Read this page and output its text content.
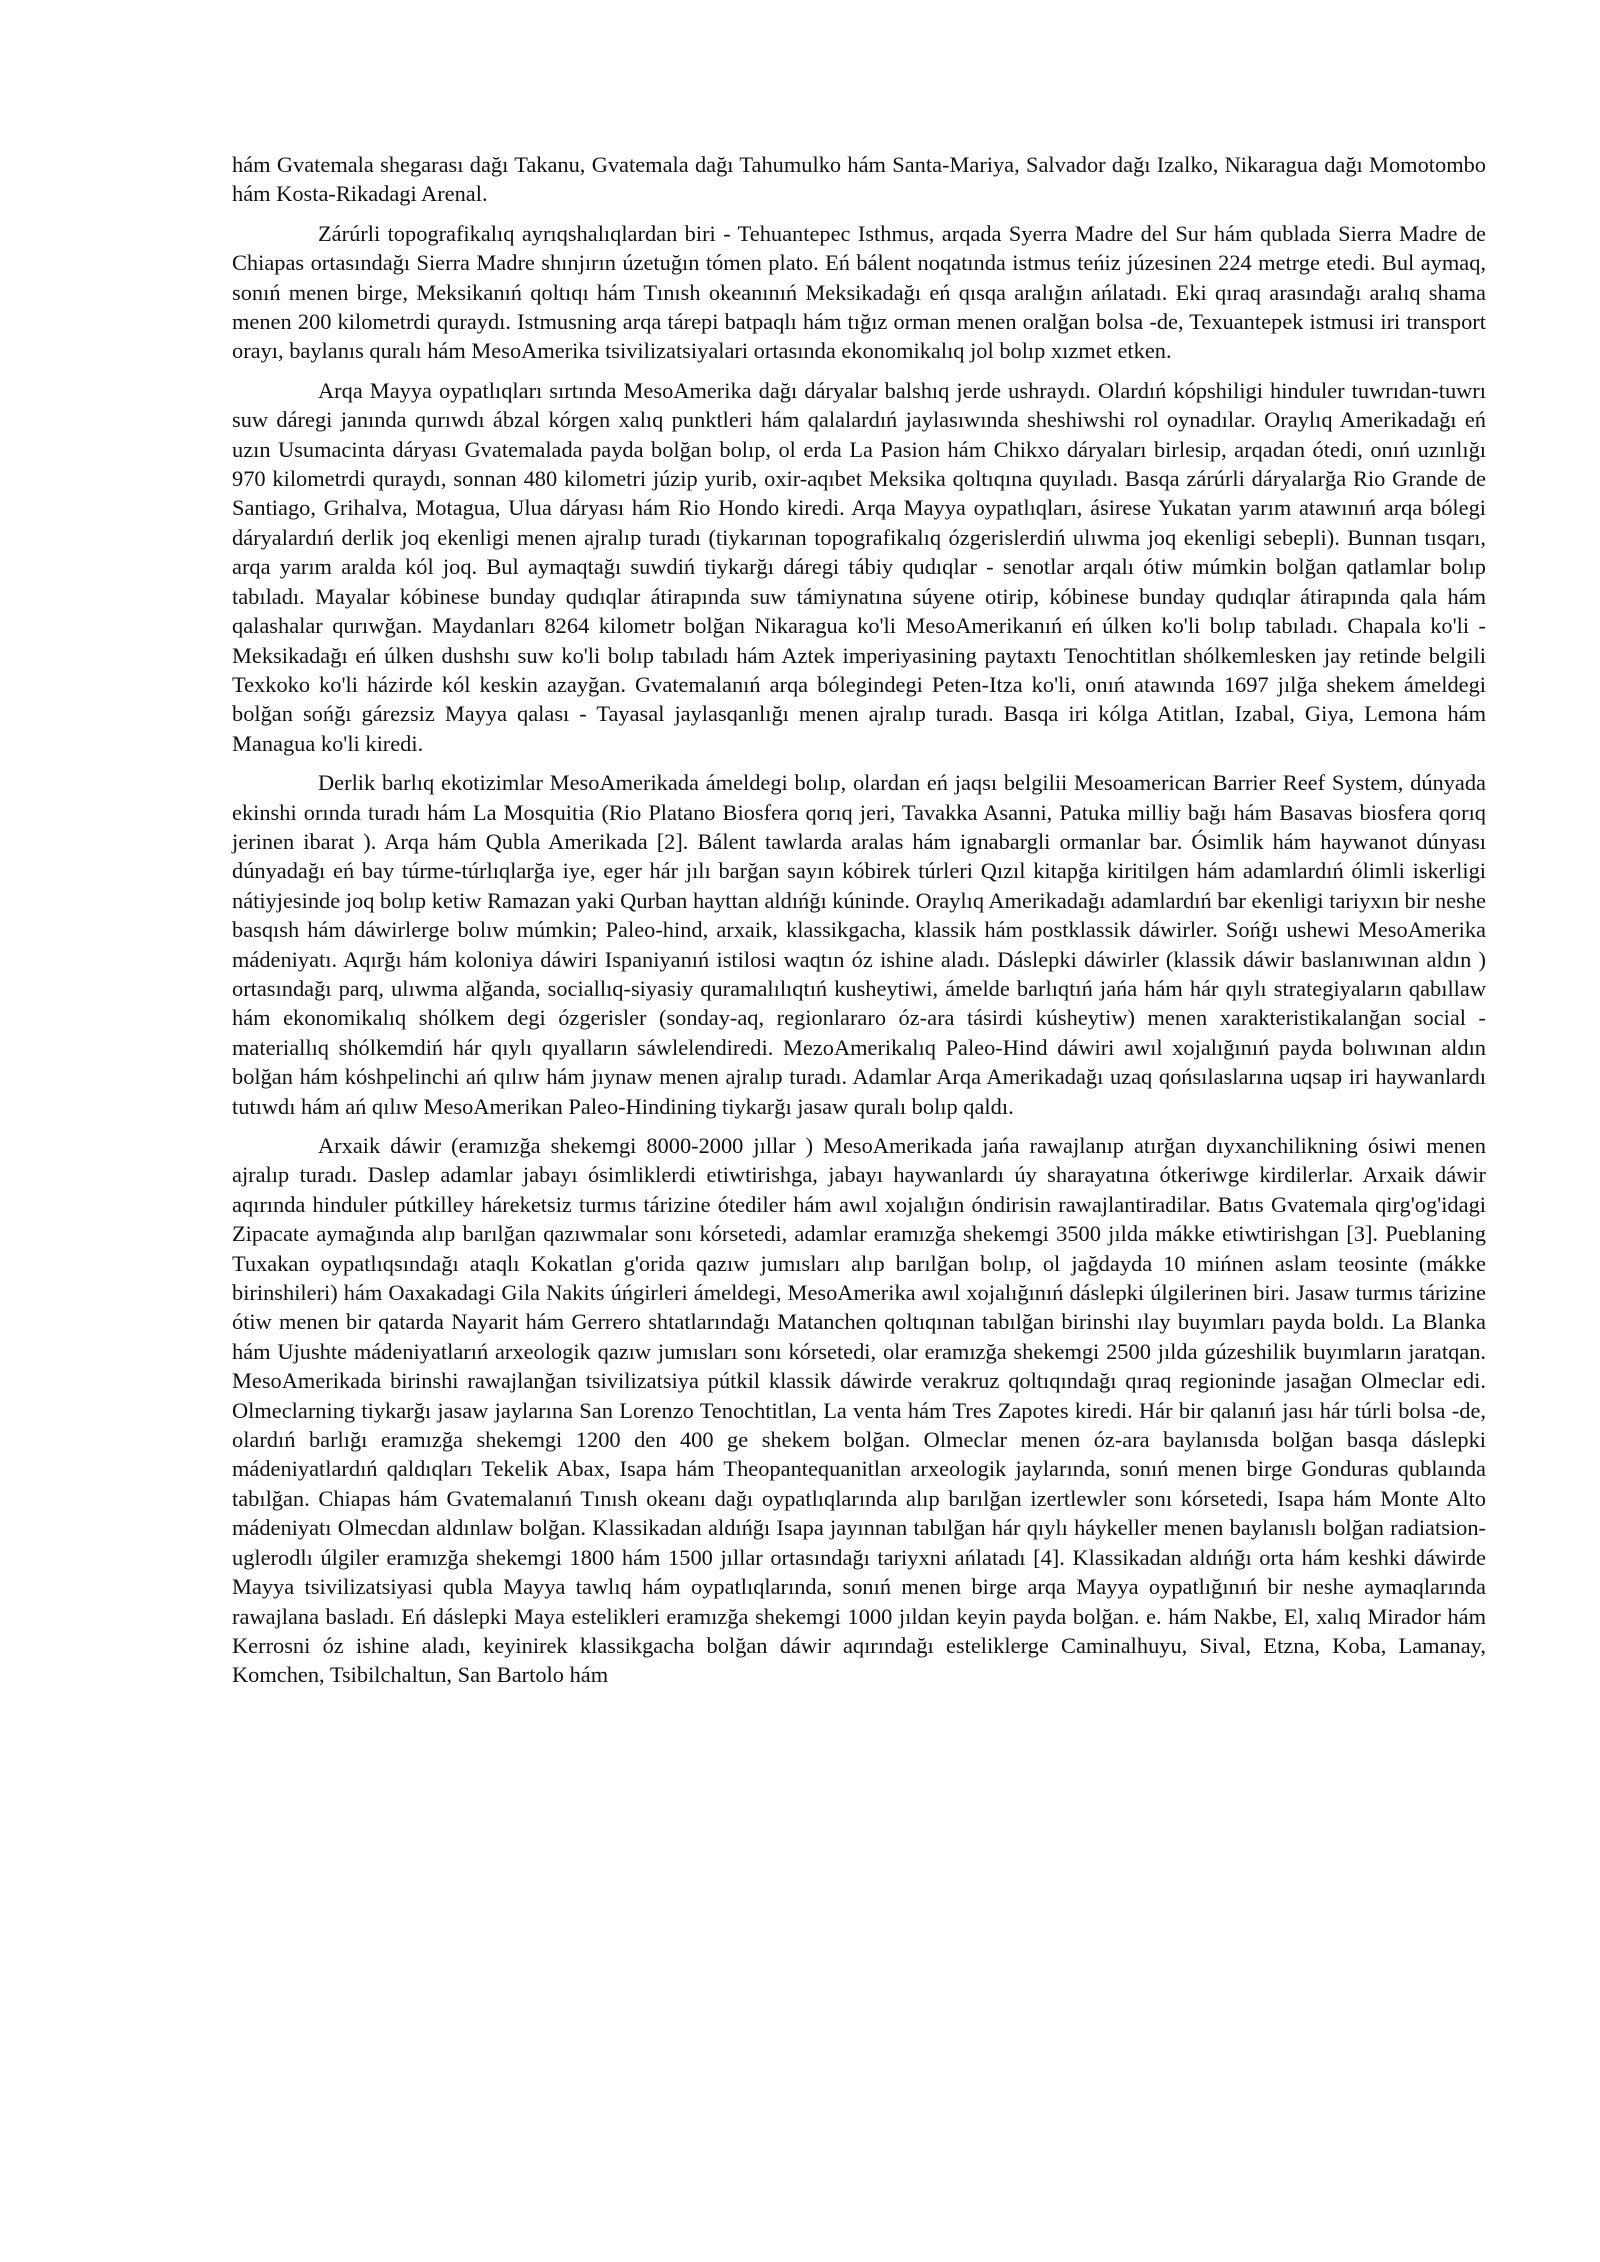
hám Gvatemala shegarası dağı Takanu, Gvatemala dağı Tahumulko hám Santa-Mariya, Salvador dağı Izalko, Nikaragua dağı Momotombo hám Kosta-Rikadagi Arenal.

Zárúrli topografikalıq ayrıqshalıqlardan biri - Tehuantepec Isthmus, arqada Syerra Madre del Sur hám qublada Sierra Madre de Chiapas ortasındağı Sierra Madre shınjırın úzetuğın tómen plato. Eń bálent noqatında istmus teńiz júzesinen 224 metrge etedi. Bul aymaq, sonıń menen birge, Meksikanıń qoltıqı hám Tınısh okeanınıń Meksikadağı eń qısqa aralığın ańlatadı. Eki qıraq arasındağı aralıq shama menen 200 kilometrdi quraydı. Istmusning arqa tárepi batpaqlı hám tığız orman menen oralğan bolsa -de, Texuantepek istmusi iri transport orayı, baylanıs quralı hám MesoAmerika tsivilizatsiyalari ortasında ekonomikalıq jol bolıp xızmet etken.

Arqa Mayya oypatlıqları sırtında MesoAmerika dağı dáryalar balshıq jerde ushraydı. Olardıń kópshiligi hinduler tuwrıdan-tuwrı suw dáregi janında qurıwdı ábzal kórgen xalıq punktleri hám qalalardıń jaylasıwında sheshiwshi rol oynadılar. Oraylıq Amerikadağı eń uzın Usumacinta dáryası Gvatemalada payda bolğan bolıp, ol erda La Pasion hám Chikxo dáryaları birlesip, arqadan ótedi, onıń uzınlığı 970 kilometrdi quraydı, sonnan 480 kilometri júzip yurib, oxir-aqıbet Meksika qoltıqına quyıladı. Basqa zárúrli dáryalarğa Rio Grande de Santiago, Grihalva, Motagua, Ulua dáryası hám Rio Hondo kiredi. Arqa Mayya oypatlıqları, ásirese Yukatan yarım atawınıń arqa bólegi dáryalardıń derlik joq ekenligi menen ajralıp turadı (tiykarınan topografikalıq ózgerislerdiń ulıwma joq ekenligi sebepli). Bunnan tısqarı, arqa yarım aralda kól joq. Bul aymaqtağı suwdiń tiykarğı dáregi tábiy qudıqlar - senotlar arqalı ótiw múmkin bolğan qatlamlar bolıp tabıladı. Mayalar kóbinese bunday qudıqlar átirapında suw támiynatına súyene otirip, kóbinese bunday qudıqlar átirapında qala hám qalashalar qurıwğan. Maydanları 8264 kilometr bolğan Nikaragua ko'li MesoAmerikanıń eń úlken ko'li bolıp tabıladı. Chapala ko'li - Meksikadağı eń úlken dushshı suw ko'li bolıp tabıladı hám Aztek imperiyasining paytaxtı Tenochtitlan shólkemlesken jay retinde belgili Texkoko ko'li házirde kól keskin azayğan. Gvatemalanıń arqa bólegindegi Peten-Itza ko'li, onıń atawında 1697 jılğa shekem ámeldegi bolğan sońğı gárezsiz Mayya qalası - Tayasal jaylasqanlığı menen ajralıp turadı. Basqa iri kólga Atitlan, Izabal, Giya, Lemona hám Managua ko'li kiredi.

Derlik barlıq ekotizimlar MesoAmerikada ámeldegi bolıp, olardan eń jaqsı belgilii Mesoamerican Barrier Reef System, dúnyada ekinshi orında turadı hám La Mosquitia (Rio Platano Biosfera qorıq jeri, Tavakka Asanni, Patuka milliy bağı hám Basavas biosfera qorıq jerinen ibarat ). Arqa hám Qubla Amerikada [2]. Bálent tawlarda aralas hám ignabargli ormanlar bar. Ósimlik hám haywanot dúnyası dúnyadağı eń bay túrme-túrlıqlarğa iye, eger hár jılı barğan sayın kóbirek túrleri Qızıl kitapğa kiritilgen hám adamlardıń ólimli iskerligi nátiyjesinde joq bolıp ketiw Ramazan yaki Qurban hayttan aldıńğı kúninde. Oraylıq Amerikadağı adamlardıń bar ekenligi tariyxın bir neshe basqısh hám dáwirlerge bolıw múmkin; Paleo-hind, arxaik, klassikgacha, klassik hám postklassik dáwirler. Sońğı ushewi MesoAmerika mádeniyatı. Aqırğı hám koloniya dáwiri Ispaniyanıń istilosi waqtın óz ishine aladı. Dáslepki dáwirler (klassik dáwir baslanıwınan aldın ) ortasındağı parq, ulıwma alğanda, sociallıq-siyasiy quramalılıqtıń kusheytiwi, ámelde barlıqtıń jańa hám hár qıylı strategiyaların qabıllaw hám ekonomikalıq shólkem degi ózgerisler (sonday-aq, regionlararo óz-ara tásirdi kúsheytiw) menen xarakteristikalanğan social -materiallıq shólkemdiń hár qıylı qıyalların sáwlelendiredi. MezoAmerikalıq Paleo-Hind dáwiri awıl xojalığınıń payda bolıwınan aldın bolğan hám kóshpelinchi ań qılıw hám jıynaw menen ajralıp turadı. Adamlar Arqa Amerikadağı uzaq qońsılaslarına uqsap iri haywanlardı tutıwdı hám ań qılıw MesoAmerikan Paleo-Hindining tiykarğı jasaw quralı bolıp qaldı.

Arxaik dáwir (eramızğa shekemgi 8000-2000 jıllar ) MesoAmerikada jańa rawajlanıp atırğan dıyxanchilikning ósiwi menen ajralıp turadı. Daslep adamlar jabayı ósimliklerdi etiwtirishga, jabayı haywanlardı úy sharayatına ótkeriwge kirdilerlar. Arxaik dáwir aqırında hinduler pútkilley háreketsiz turmıs tárizine ótediler hám awıl xojalığın óndirisin rawajlantiradilar. Batıs Gvatemala qirg'og'idagi Zipacate aymağında alıp barılğan qazıwmalar sonı kórsetedi, adamlar eramızğa shekemgi 3500 jılda mákke etiwtirishgan [3]. Pueblaning Tuxakan oypatlıqsındağı ataqlı Kokatlan g'orida qazıw jumısları alıp barılğan bolıp, ol jağdayda 10 mińnen aslam teosinte (mákke birinshileri) hám Oaxakadagi Gila Nakits úńgirleri ámeldegi, MesoAmerika awıl xojalığınıń dáslepki úlgilerinen biri. Jasaw turmıs tárizine ótiw menen bir qatarda Nayarit hám Gerrero shtatlarındağı Matanchen qoltıqınan tabılğan birinshi ılay buyımları payda boldı. La Blanka hám Ujushte mádeniyatlarıń arxeologik qazıw jumısları sonı kórsetedi, olar eramızğa shekemgi 2500 jılda gúzeshilik buyımların jaratqan. MesoAmerikada birinshi rawajlanğan tsivilizatsiya pútkil klassik dáwirde verakruz qoltıqındağı qıraq regioninde jasağan Olmeclar edi. Olmeclarning tiykarğı jasaw jaylarına San Lorenzo Tenochtitlan, La venta hám Tres Zapotes kiredi. Hár bir qalanıń jası hár túrli bolsa -de, olardıń barlığı eramızğa shekemgi 1200 den 400 ge shekem bolğan. Olmeclar menen óz-ara baylanısda bolğan basqa dáslepki mádeniyatlardıń qaldıqları Tekelik Abax, Isapa hám Theopantequanitlan arxeologik jaylarında, sonıń menen birge Gonduras qublaında tabılğan. Chiapas hám Gvatemalanıń Tınısh okeanı dağı oypatlıqlarında alıp barılğan izertlewler sonı kórsetedi, Isapa hám Monte Alto mádeniyatı Olmecdan aldınlaw bolğan. Klassikadan aldıńğı Isapa jayınnan tabılğan hár qıylı háykeller menen baylanıslı bolğan radiatsion-uglerodlı úlgiler eramızğa shekemgi 1800 hám 1500 jıllar ortasındağı tariyxni ańlatadı [4]. Klassikadan aldıńğı orta hám keshki dáwirde Mayya tsivilizatsiyasi qubla Mayya tawlıq hám oypatlıqlarında, sonıń menen birge arqa Mayya oypatlığınıń bir neshe aymaqlarında rawajlana basladı. Eń dáslepki Maya estelikleri eramızğa shekemgi 1000 jıldan keyin payda bolğan. e. hám Nakbe, El, xalıq Mirador hám Kerrosni óz ishine aladı, keyinirek klassikgacha bolğan dáwir aqırındağı esteliklerge Caminalhuyu, Sival, Etzna, Koba, Lamanay, Komchen, Tsibilchaltun, San Bartolo hám
